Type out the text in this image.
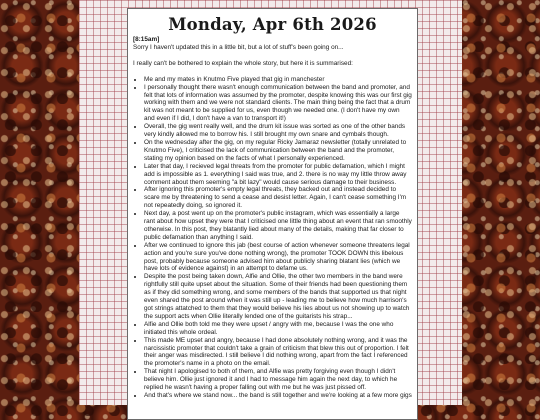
Monday, Apr 6th 2026
[8:15am]

Sorry I haven't updated this in a little bit, but a lot of stuff's been going on...

I really can't be bothered to explain the whole story, but here it is summarised:

• Me and my mates in Knutmo Five played that gig in manchester
• I personally thought there wasn't enough communication between the band and promoter, and felt that lots of information was assumed by the promoter, despite knowing this was our first gig working with them and we were not standard clients. The main thing being the fact that a drum kit was not meant to be supplied for us, even though we needed one. (I don't have my own and even if I did, I don't have a van to transport it!)
• Overall, the gig went really well, and the drum kit issue was sorted as one of the other bands very kindly allowed me to borrow his. I still brought my own snare and cymbals though.
• On the wednesday after the gig, on my regular Ricky Jamaraz newsletter (totally unrelated to Knutmo Five), I criticised the lack of communication between the band and the promoter, stating my opinion based on the facts of what I personally experienced.
• Later that day, I recieved legal threats from the promoter for public defamation, which I might add is impossible as 1. everything I said was true, and 2. there is no way my little throw away comment about them seeming "a bit lazy" would cause serious damage to their business.
• After ignoring this promoter's empty legal threats, they backed out and instead decided to scare me by threatening to send a cease and desist letter. Again, I can't cease something I'm not repeatedly doing, so ignored it.
• Next day, a post went up on the promoter's public instagram, which was essentially a large rant about how upset they were that I criticised one little thing about an event that ran smoothly otherwise. In this post, they blatantly lied about many of the details, making that far closer to public defamation than anything I said.
• After we continued to ignore this jab (best course of action whenever someone threatens legal action and you're sure you've done nothing wrong), the promoter TOOK DOWN this libelous post, probably because someone advised him about publicly sharing blatant lies (which we have lots of evidence against) in an attempt to defame us.
• Despite the post being taken down, Alfie and Ollie, the other two members in the band were rightfully still quite upset about the situation. Some of their friends had been questioning them as if they did something wrong, and some members of the bands that supported us that night even shared the post around when it was still up - leading me to believe how much harrison's got strings attatched to them that they would believe his lies about us not showing up to watch the support acts when Ollie literally lended one of the guitarists his strap...
• Alfie and Ollie both told me they were upset / angry with me, because I was the one who initiated this whole ordeal.
• This made ME upset and angry, because I had done absolutely nothing wrong, and it was the narcissistic promoter that couldn't take a grain of criticism that blew this out of proportion. I felt their anger was misdirected. I still believe I did nothing wrong, apart from the fact I referenced the promoter's name in a photo on the email.
• That night I apologised to both of them, and Alfie was pretty forgiving even though I didn't believe him. Ollie just ignored it and I had to message him again the next day, to which he replied he wasn't having a proper falling out with me but he was just pissed off.
• And that's where we stand now... the band is still together and we're looking at a few more gigs
